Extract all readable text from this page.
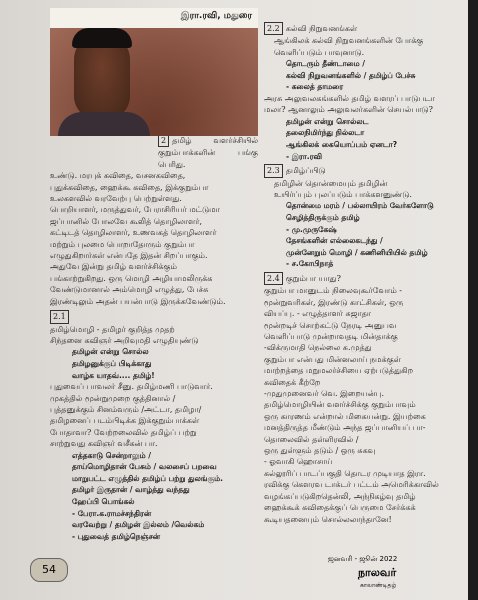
இரா.ரவி, மதுரை
2 தமிழ் வளர்ச்சியில் குறும்பாக்களின் பங்கு பெரிது.

உண்டு. மரபுக் கவிதை, வசனகவிதை,

புதுக்கவிதை, ஹைக்கூ கவிதை, இக்குறும்பா

உலகளவில் வரவேற்பு பெற்றுள்ளது.

பொறியாளர், மருத்துவர், பேராசிரியர் மட்டுமா

ஜப்பானில் போலவே கூலித் தொழிலாளர்,

கட்டிடத் தொழிலாளர், உணவகத் தொழிலாளர்

மற்றும் புலமை பொறாதோரும் குறும்பா

எழுதுகிறார்கள் என்பதே இதன் சிறப்பாகும்.

அதுவே இன்று தமிழ் வளர்ச்சிக்கும்

பங்காற்றுகிறது. ஒரு மொழி அழியாமலிருக்க

வேண்டுமானால் அம்மொழி எழுத்து, பேச்சு

இரண்டிலும் அதன் பயன்பாடு இருக்கவேண்டும்.

2.1

தமிழ்மொழி - தமிழர் குறித்த முதற்

சிந்தனை கவிஞர் அறிவுமதி எழுதியுண்டு

தமிழன் என்று சொல்ல

தமிழனுக்குப் பிடிக்காது

வாழ்க யாதவ்.... தமிழ்!

புதுவைப் பாவலர் சீனு. தமிழ்மணி பாடுவார்.

முகத்தில் மூன்றுமுறை குத்தினால் /

புத்தனுக்கும் சினம்வரும் /அட்டா, தமிழா/

தமிழனைப் படம்பிடிக்க இக்குறும்பாக்கள்

போதாவா? வேற்றலைவில் தமிழ்ப் பற்று

சாற்றுவது கவிஞர் வசீகன் பா.

எத்தகாடு சென்றாலும் /

தாய்மொழிதான் பேசும் / வலசைப் பறவை

மாறுபட்ட எழுத்தில் தமிழ்ப் பற்று துலங்கும்.

தமிழர் இருதான் / வாழ்த்து வந்தது

ஹேப்பி பொங்கல்

- பேரா.க.ராமச்சந்திரன்

வரவேற்று / தமிழன் இல்லம் /வெல்கம்

- புதுவைத் தமிழ்நெஞ்சன்

2.2 கல்வி நிறுவனங்கள்

ஆங்கிலக் கல்வி நிறுவனங்களின் போக்கு

வெளிப்படும் பாவுனாடு.

தொடரும் தீண்டாமை /

கல்வி நிறுவனங்களில் / தமிழ்ப் பேச்சு

- கலைத் தாமரை

அரசு அலுவலகங்களில் தமிழ் வளரப் பாடுபடா

மலா? ஆனாலும் அலுவலர்களின் செயல்பாடு?

தமிழன் என்று சொல்லட

தலைநிமிர்ந்து நில்லடா

ஆங்கிலக் கையொப்பம் ஏனடா?

- இரா.ரவி

2.3 தமிழ்ப்பிடு

தமிழின் தொன்மையும் தமிழின்

உயிர்ப்பும் புலப்படும் பாக்களனுண்டு.

தொன்மை மரம் / பல்லாயிரம் வேர்களோடு

செழித்திருக்கும் தமிழ்

- மு.முருகேஷ்

தேசங்களின் எல்லைகடந்து /

முன்னேறும் மொழி / கணினியியில் தமிழ்

- ச.கோபிநாத்

2.4 குறும்பா யாது?

குறும்பா மானுடம் நிலைவுகூர்வோம் -

மூன்றுவரிகள், இரண்டு காட்சிகள், ஒரு

வியப்பு. - எழுத்தாளர் சுஜாதா

மூன்றடிச் சொற்கட்டு நேரடி அனுபவ

வெளிப்பாடு முன்றாவதடி மின்தாக்கு

-விக்ருமாதி நெல்லை சு.முத்து

குறும்பா என்பது மின்னலாய் நமக்குள்

மாற்றத்தை மறுமலர்ச்சியை ஏற்படுத்துகிற

கவிதைக் கீற்றே

-முதுமுனைவர் வெ. இறையன்பு.

தமிழ்மொழியின் வளர்ச்சிக்கு குறும்பாவும்

ஒரு காரணம் என்றால் மிகையன்று. இயற்கை

மனத்திருத்த மீண்டும் அந்த ஜப்பானியப் பா-

தொலைவில் தள்ளிரவில் /

ஒரு துள்ளும் தடும் / ஒரு சுகவு

- ஓவாகி ஹொசாய்

கல்லூரிப் பாடப்பகுதி தொடர முடியாத இரா.

ரவிக்கு கௌரவ டாக்டர் பட்டம் அமெரிக்காவில்

வழங்கப்படுகிறதென்லி, அந்நிகழ்வு தமிழ்

ஹைக்கூக் கவிதைக்குப் பெருமை சேர்க்கக்

கூடியதனையும் சொல்லலாந்தானே!

54
ஜனவரி - ஜூன் 2022
நாலவர்
காலாண்டிதழ்
